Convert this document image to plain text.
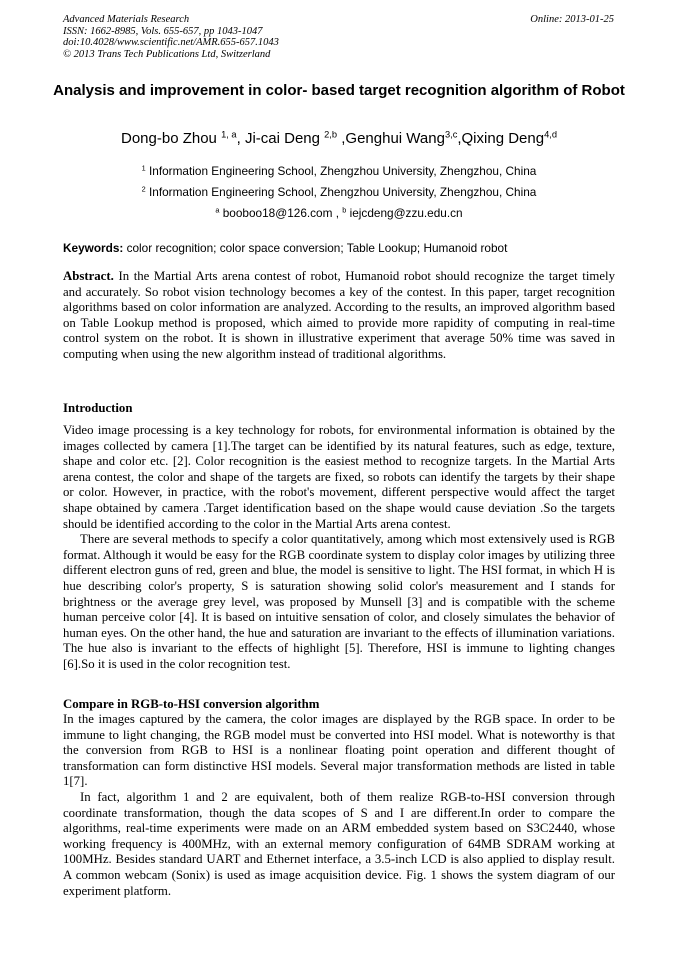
Advanced Materials Research
ISSN: 1662-8985, Vols. 655-657, pp 1043-1047
doi:10.4028/www.scientific.net/AMR.655-657.1043
© 2013 Trans Tech Publications Ltd, Switzerland
Online: 2013-01-25
Analysis and improvement in color- based target recognition algorithm of Robot
Dong-bo Zhou $^{1, a}$, Ji-cai Deng $^{2,b}$ ,Genghui Wang$^{3,c}$,Qixing Deng$^{4,d}$
$^1$ Information Engineering School, Zhengzhou University, Zhengzhou, China
$^2$ Information Engineering School, Zhengzhou University, Zhengzhou, China
$^a$ booboo18@126.com , $^b$ iejcdeng@zzu.edu.cn
Keywords: color recognition; color space conversion; Table Lookup; Humanoid robot

Abstract. In the Martial Arts arena contest of robot, Humanoid robot should recognize the target timely and accurately. So robot vision technology becomes a key of the contest. In this paper, target recognition algorithms based on color information are analyzed. According to the results, an improved algorithm based on Table Lookup method is proposed, which aimed to provide more rapidity of computing in real-time control system on the robot. It is shown in illustrative experiment that average 50% time was saved in computing when using the new algorithm instead of traditional algorithms.

Introduction

Video image processing is a key technology for robots, for environmental information is obtained by the images collected by camera [1].The target can be identified by its natural features, such as edge, texture, shape and color etc. [2]. Color recognition is the easiest method to recognize targets. In the Martial Arts arena contest, the color and shape of the targets are fixed, so robots can identify the targets by their shape or color. However, in practice, with the robot's movement, different perspective would affect the target shape obtained by camera .Target identification based on the shape would cause deviation .So the targets should be identified according to the color in the Martial Arts arena contest.

There are several methods to specify a color quantitatively, among which most extensively used is RGB format. Although it would be easy for the RGB coordinate system to display color images by utilizing three different electron guns of red, green and blue, the model is sensitive to light. The HSI format, in which H is hue describing color's property, S is saturation showing solid color's measurement and I stands for brightness or the average grey level, was proposed by Munsell [3] and is compatible with the scheme human perceive color [4]. It is based on intuitive sensation of color, and closely simulates the behavior of human eyes. On the other hand, the hue and saturation are invariant to the effects of illumination variations. The hue also is invariant to the effects of highlight [5]. Therefore, HSI is immune to lighting changes [6].So it is used in the color recognition test.

Compare in RGB-to-HSI conversion algorithm

In the images captured by the camera, the color images are displayed by the RGB space. In order to be immune to light changing, the RGB model must be converted into HSI model. What is noteworthy is that the conversion from RGB to HSI is a nonlinear floating point operation and different thought of transformation can form distinctive HSI models. Several major transformation methods are listed in table 1[7].

In fact, algorithm 1 and 2 are equivalent, both of them realize RGB-to-HSI conversion through coordinate transformation, though the data scopes of S and I are different.In order to compare the algorithms, real-time experiments were made on an ARM embedded system based on S3C2440, whose working frequency is 400MHz, with an external memory configuration of 64MB SDRAM working at 100MHz. Besides standard UART and Ethernet interface, a 3.5-inch LCD is also applied to display result. A common webcam (Sonix) is used as image acquisition device. Fig. 1 shows the system diagram of our experiment platform.
